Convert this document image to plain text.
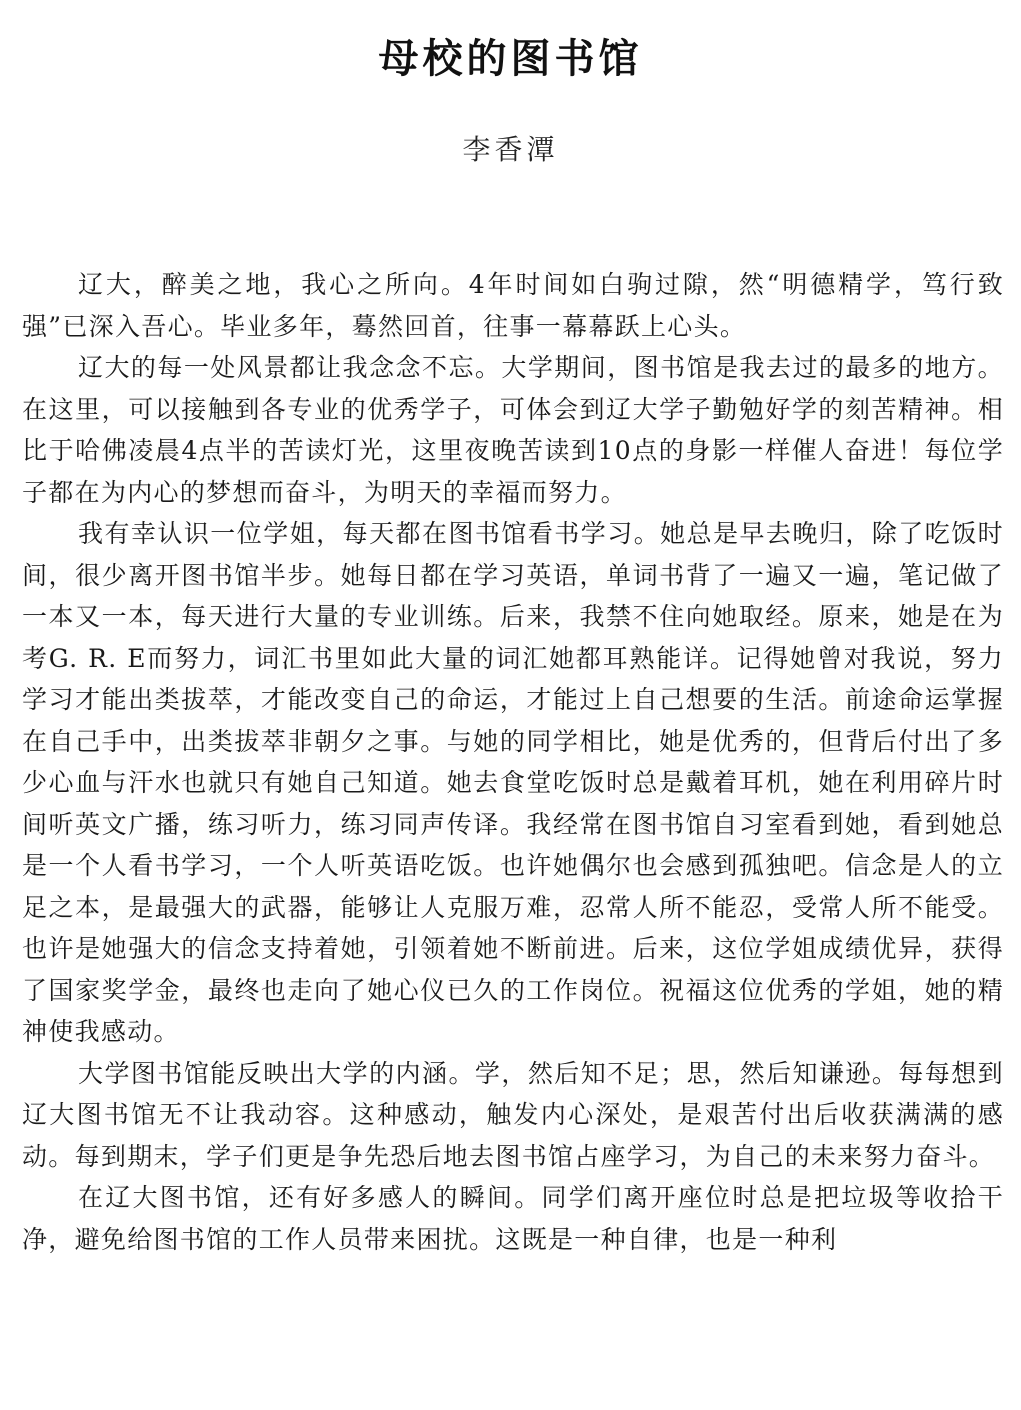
母校的图书馆
李香潭

辽大，醉美之地，我心之所向。4年时间如白驹过隙，然“明德精学，笃行致强”已深入吾心。毕业多年，蓦然回首，往事一幕幕跃上心头。

辽大的每一处风景都让我念念不忘。大学期间，图书馆是我去过的最多的地方。在这里，可以接触到各专业的优秀学子，可体会到辽大学子勤勉好学的刻苦精神。相比于哈佛凌晨4点半的苦读灯光，这里夜晚苦读到10点的身影一样催人奋进！每位学子都在为内心的梦想而奋斗，为明天的幸福而努力。

我有幸认识一位学姐，每天都在图书馆看书学习。她总是早去晚归，除了吃饭时间，很少离开图书馆半步。她每日都在学习英语，单词书背了一遍又一遍，笔记做了一本又一本，每天进行大量的专业训练。后来，我禁不住向她取经。原来，她是在为考G. R. E而努力，词汇书里如此大量的词汇她都耳熟能详。记得她曾对我说，努力学习才能出类拔萃，才能改变自己的命运，才能过上自己想要的生活。前途命运掌握在自己手中，出类拔萃非朝夕之事。与她的同学相比，她是优秀的，但背后付出了多少心血与汗水也就只有她自己知道。她去食堂吃饭时总是戴着耳机，她在利用碎片时间听英文广播，练习听力，练习同声传译。我经常在图书馆自习室看到她，看到她总是一个人看书学习，一个人听英语吃饭。也许她偶尔也会感到孤独吧。信念是人的立足之本，是最强大的武器，能够让人克服万难，忍常人所不能忍，受常人所不能受。也许是她强大的信念支持着她，引领着她不断前进。后来，这位学姐成绩优异，获得了国家奖学金，最终也走向了她心仪已久的工作岗位。祝福这位优秀的学姐，她的精神使我感动。

大学图书馆能反映出大学的内涵。学，然后知不足；思，然后知谦逊。每每想到辽大图书馆无不让我动容。这种感动，触发内心深处，是艰苦付出后收获满满的感动。每到期末，学子们更是争先恐后地去图书馆占座学习，为自己的未来努力奋斗。

在辽大图书馆，还有好多感人的瞬间。同学们离开座位时总是把垃圾等收拾干净，避免给图书馆的工作人员带来困扰。这既是一种自律，也是一种利
